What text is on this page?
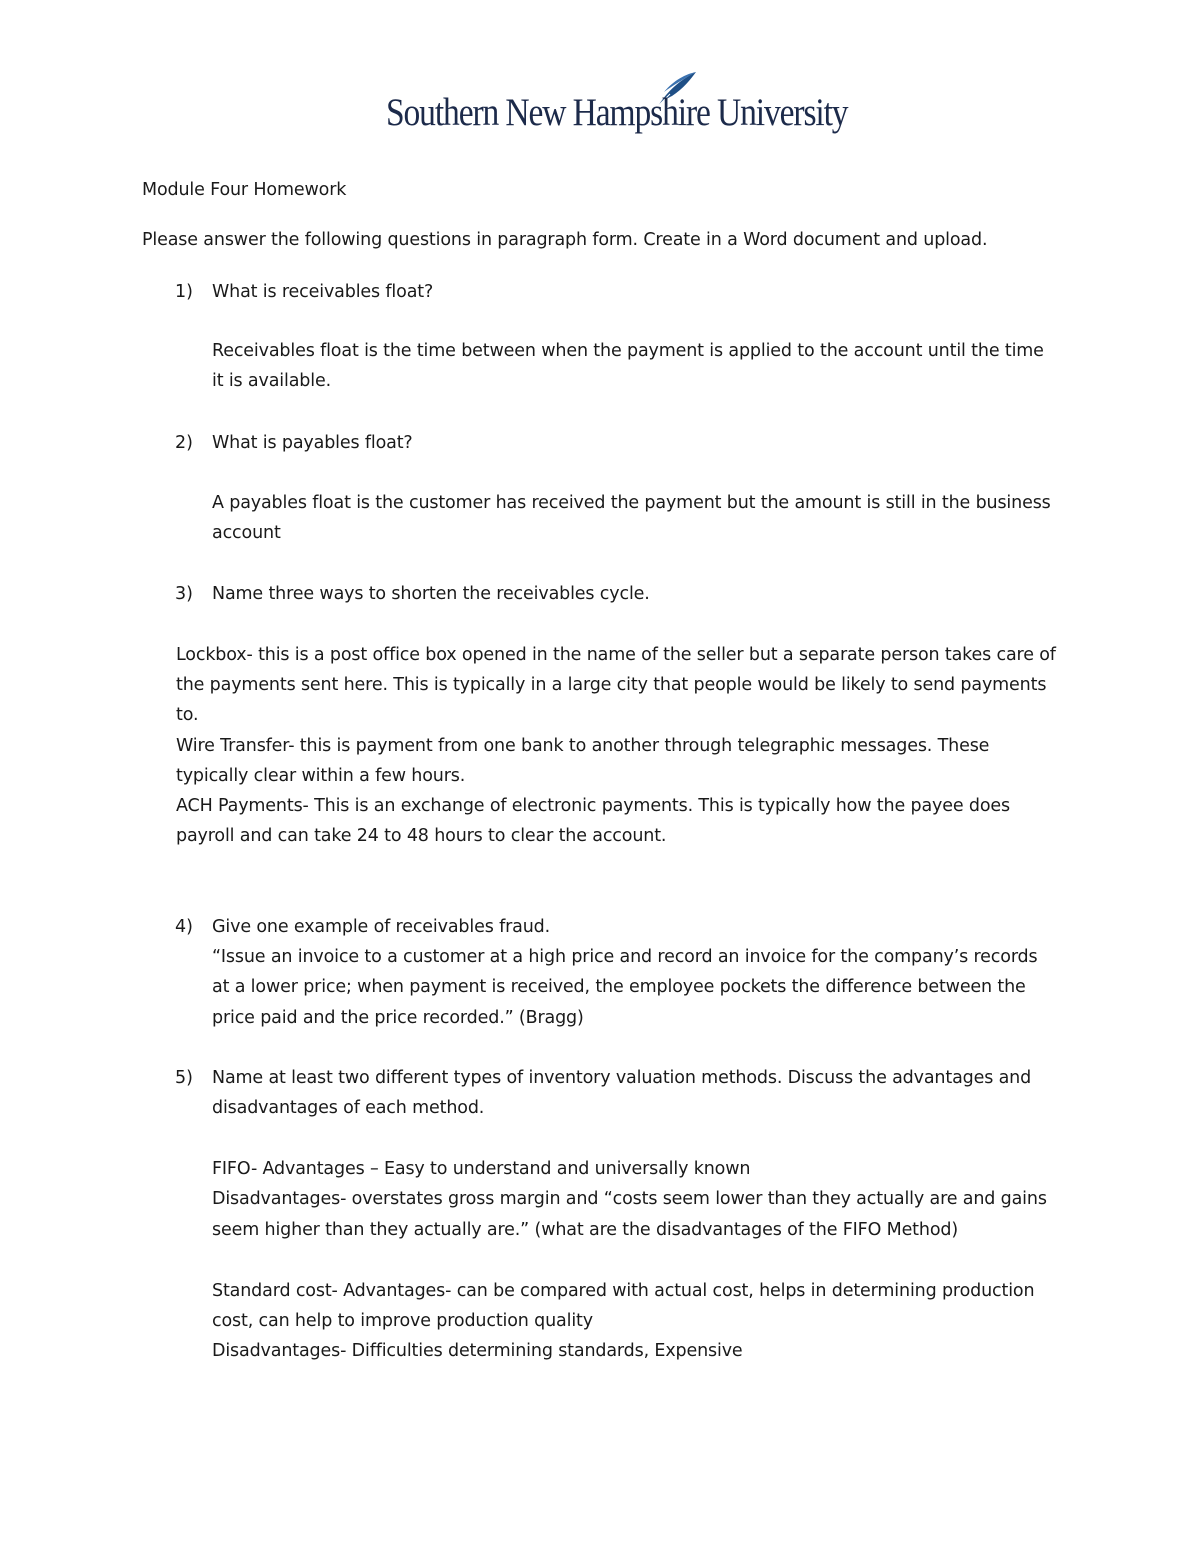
Southern New Hampshire University
Module Four Homework
Please answer the following questions in paragraph form. Create in a Word document and upload.
1) What is receivables float?
Receivables float is the time between when the payment is applied to the account until the time
it is available.
2) What is payables float?
A payables float is the customer has received the payment but the amount is still in the business
account
3) Name three ways to shorten the receivables cycle.
Lockbox- this is a post office box opened in the name of the seller but a separate person takes care of
the payments sent here. This is typically in a large city that people would be likely to send payments
to.
Wire Transfer- this is payment from one bank to another through telegraphic messages. These
typically clear within a few hours.
ACH Payments- This is an exchange of electronic payments. This is typically how the payee does
payroll and can take 24 to 48 hours to clear the account.
4) Give one example of receivables fraud.
“Issue an invoice to a customer at a high price and record an invoice for the company’s records
at a lower price; when payment is received, the employee pockets the difference between the
price paid and the price recorded.” (Bragg)
5) Name at least two different types of inventory valuation methods. Discuss the advantages and
disadvantages of each method.
FIFO- Advantages – Easy to understand and universally known
Disadvantages- overstates gross margin and “costs seem lower than they actually are and gains
seem higher than they actually are.” (what are the disadvantages of the FIFO Method)
Standard cost- Advantages- can be compared with actual cost, helps in determining production
cost, can help to improve production quality
Disadvantages- Difficulties determining standards, Expensive
